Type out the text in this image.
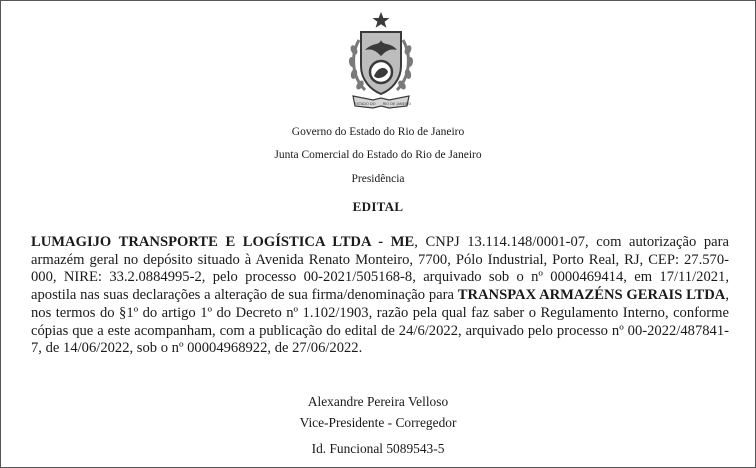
ESTADO DO RIO DE JANEIRO
Governo do Estado do Rio de Janeiro
Junta Comercial do Estado do Rio de Janeiro
Presidência
EDITAL

LUMAGIJO TRANSPORTE E LOGÍSTICA LTDA - ME, CNPJ 13.114.148/0001-07, com autorização para armazém geral no depósito situado à Avenida Renato Monteiro, 7700, Pólo Industrial, Porto Real, RJ, CEP: 27.570-000, NIRE: 33.2.0884995-2, pelo processo 00-2021/505168-8, arquivado sob o nº 0000469414, em 17/11/2021, apostila nas suas declarações a alteração de sua firma/denominação para TRANSPAX ARMAZÉNS GERAIS LTDA, nos termos do §1º do artigo 1º do Decreto nº 1.102/1903, razão pela qual faz saber o Regulamento Interno, conforme cópias que a este acompanham, com a publicação do edital de 24/6/2022, arquivado pelo processo nº 00-2022/487841-7, de 14/06/2022, sob o nº 00004968922, de 27/06/2022.

Alexandre Pereira Velloso
Vice-Presidente - Corregedor
Id. Funcional 5089543-5
